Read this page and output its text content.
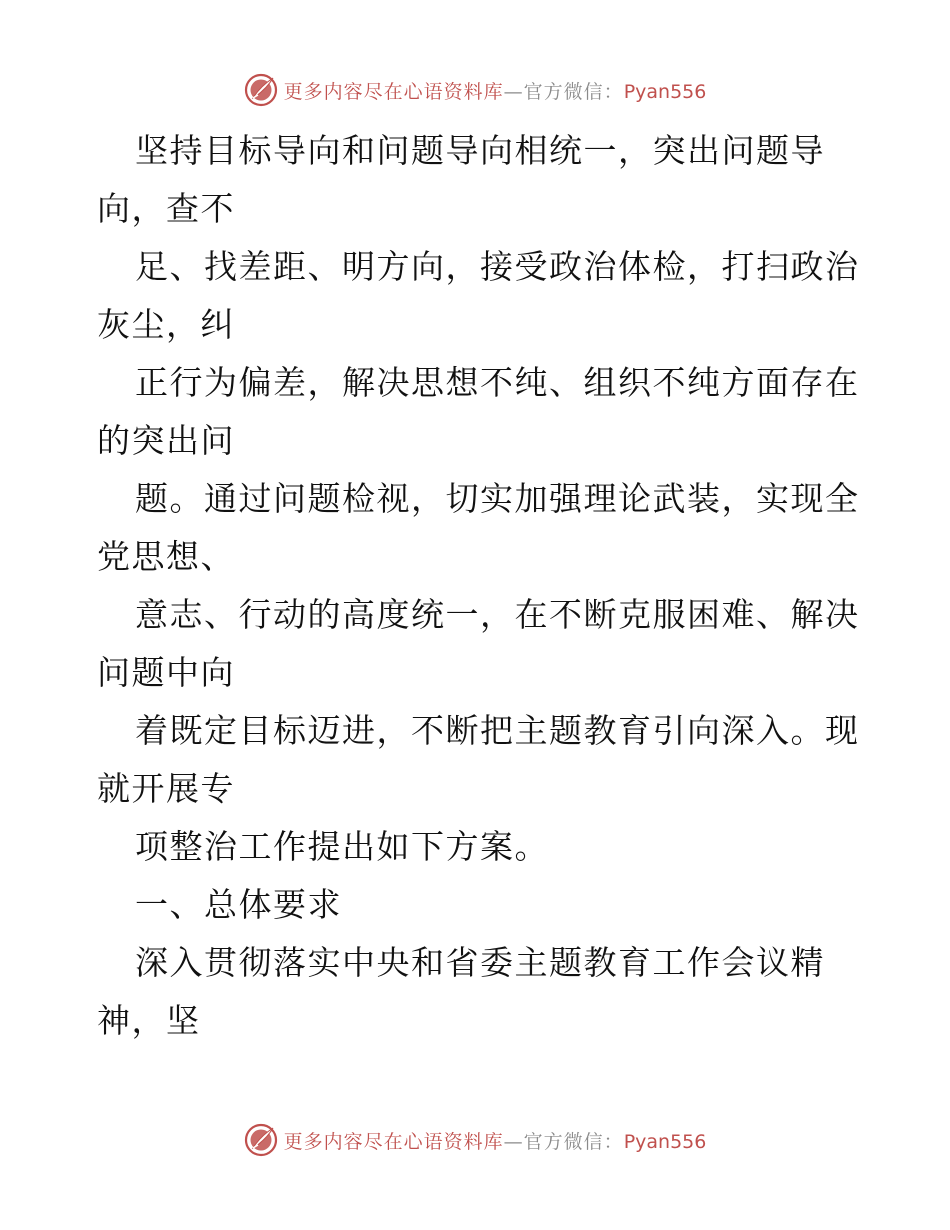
更多内容尽在心语资料库—官方微信：Pyan556
坚持目标导向和问题导向相统一，突出问题导
向，查不
足、找差距、明方向，接受政治体检，打扫政治
灰尘，纠
正行为偏差，解决思想不纯、组织不纯方面存在
的突出问
题。通过问题检视，切实加强理论武装，实现全
党思想、
意志、行动的高度统一，在不断克服困难、解决
问题中向
着既定目标迈进，不断把主题教育引向深入。现
就开展专
项整治工作提出如下方案。
一、总体要求
深入贯彻落实中央和省委主题教育工作会议精
神，坚
更多内容尽在心语资料库—官方微信：Pyan556
